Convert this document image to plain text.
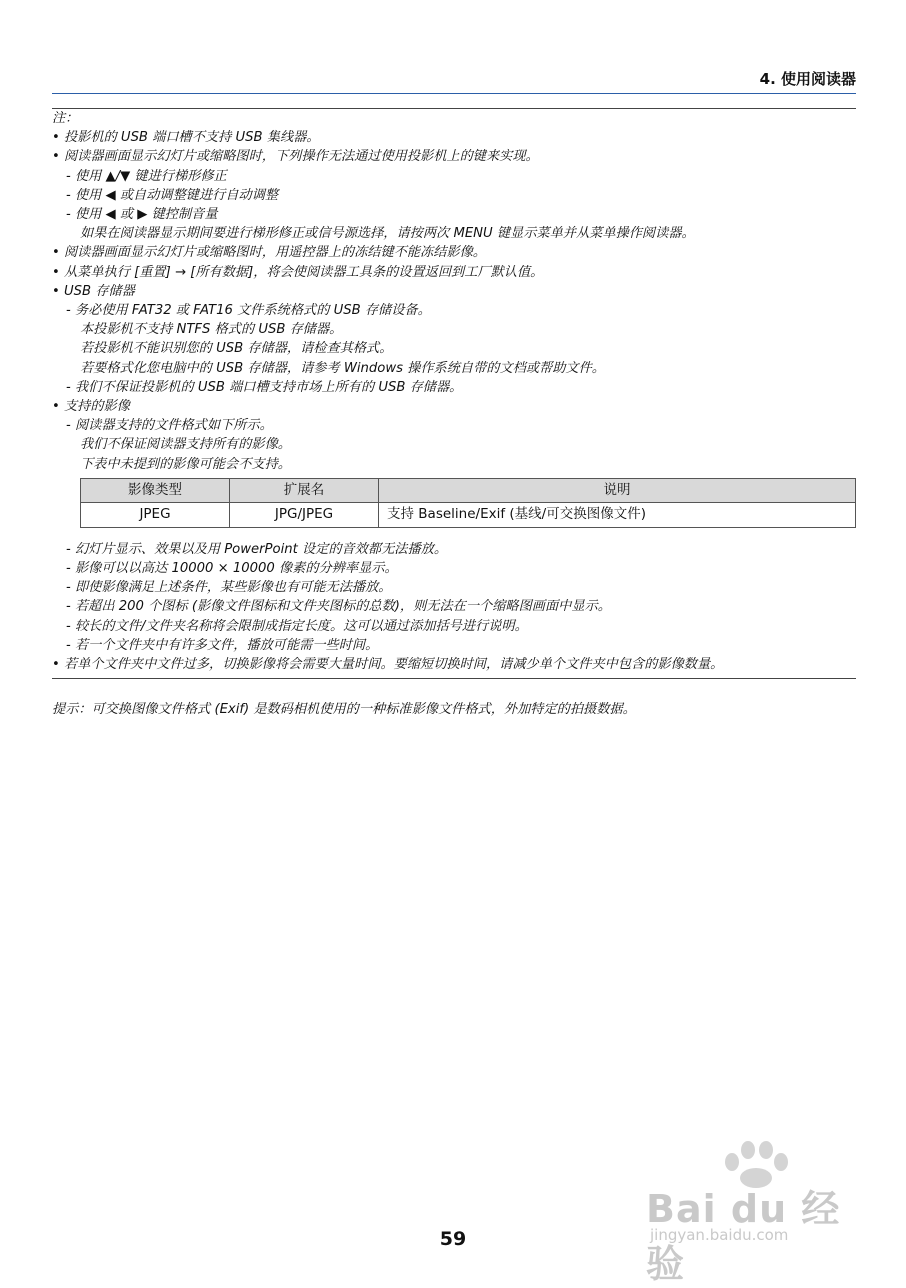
4. 使用阅读器
注：
• 投影机的 USB 端口槽不支持 USB 集线器。
• 阅读器画面显示幻灯片或缩略图时，下列操作无法通过使用投影机上的键来实现。
- 使用 ▲/▼ 键进行梯形修正
- 使用 ◀ 或自动调整键进行自动调整
- 使用 ◀ 或 ▶ 键控制音量
如果在阅读器显示期间要进行梯形修正或信号源选择，请按两次 MENU 键显示菜单并从菜单操作阅读器。
• 阅读器画面显示幻灯片或缩略图时，用遥控器上的冻结键不能冻结影像。
• 从菜单执行 [重置] → [所有数据]，将会使阅读器工具条的设置返回到工厂默认值。
• USB 存储器
- 务必使用 FAT32 或 FAT16 文件系统格式的 USB 存储设备。
本投影机不支持 NTFS 格式的 USB 存储器。
若投影机不能识别您的 USB 存储器，请检查其格式。
若要格式化您电脑中的 USB 存储器，请参考 Windows 操作系统自带的文档或帮助文件。
- 我们不保证投影机的 USB 端口槽支持市场上所有的 USB 存储器。
• 支持的影像
- 阅读器支持的文件格式如下所示。
我们不保证阅读器支持所有的影像。
下表中未提到的影像可能会不支持。
影像类型	扩展名	说明
JPEG	JPG/JPEG	支持 Baseline/Exif (基线/可交换图像文件)
- 幻灯片显示、效果以及用 PowerPoint 设定的音效都无法播放。
- 影像可以以高达 10000 × 10000 像素的分辨率显示。
- 即使影像满足上述条件，某些影像也有可能无法播放。
- 若超出 200 个图标 (影像文件图标和文件夹图标的总数)，则无法在一个缩略图画面中显示。
- 较长的文件/文件夹名称将会限制成指定长度。这可以通过添加括号进行说明。
- 若一个文件夹中有许多文件，播放可能需一些时间。
• 若单个文件夹中文件过多，切换影像将会需要大量时间。要缩短切换时间，请减少单个文件夹中包含的影像数量。
提示：可交换图像文件格式 (Exif) 是数码相机使用的一种标准影像文件格式，外加特定的拍摄数据。
59
Bai du 经验
jingyan.baidu.com
